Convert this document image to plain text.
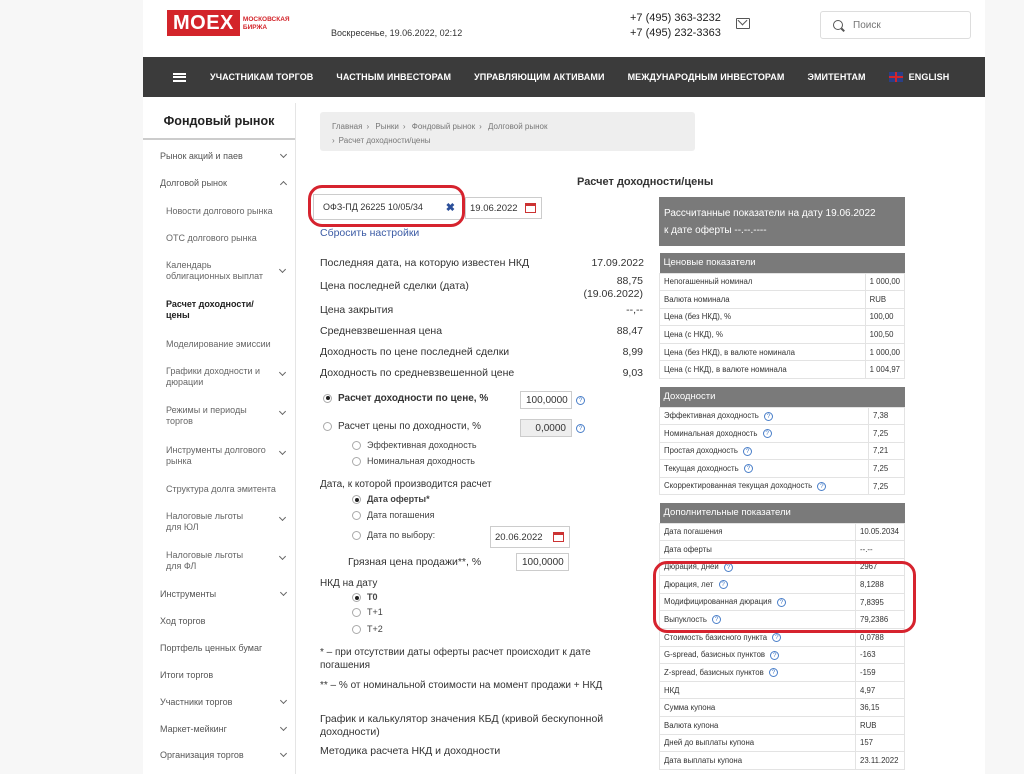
MOEX	МОСКОВСКАЯ БИРЖА
Воскресенье, 19.06.2022, 02:12
+7 (495) 363-3232
+7 (495) 232-3363
Поиск
УЧАСТНИКАМ ТОРГОВ	ЧАСТНЫМ ИНВЕСТОРАМ	УПРАВЛЯЮЩИМ АКТИВАМИ	МЕЖДУНАРОДНЫМ ИНВЕСТОРАМ	ЭМИТЕНТАМ	ENGLISH
Фондовый рынок
Рынок акций и паев
Долговой рынок
Новости долгового рынка
ОТС долгового рынка
Календарь облигационных выплат
Расчет доходности/ цены
Моделирование эмиссии
Графики доходности и дюрации
Режимы и периоды торгов
Инструменты долгового рынка
Структура долга эмитента
Налоговые льготы для ЮЛ
Налоговые льготы для ФЛ
Инструменты
Ход торгов
Портфель ценных бумаг
Итоги торгов
Участники торгов
Маркет-мейкинг
Организация торгов
Главная › Рынки › Фондовый рынок › Долговой рынок
› Расчет доходности/цены
Расчет доходности/цены
ОФЗ-ПД 26225 10/05/34 ✖	19.06.2022
Сбросить настройки
Последняя дата, на которую известен НКД	17.09.2022
Цена последней сделки (дата)	88,75
(19.06.2022)
Цена закрытия	--,--
Средневзвешенная цена	88,47
Доходность по цене последней сделки	8,99
Доходность по средневзвешенной цене	9,03
Расчет доходности по цене, %	100,0000	?
Расчет цены по доходности, %	0,0000	?
Эффективная доходность
Номинальная доходность
Дата, к которой производится расчет
Дата оферты*
Дата погашения
Дата по выбору:	20.06.2022
Грязная цена продажи**, %	100,0000
НКД на дату
T0
T+1
T+2
* – при отсутствии даты оферты расчет происходит к дате погашения
** – % от номинальной стоимости на момент продажи + НКД
График и калькулятор значения КБД (кривой бескупонной доходности)
Методика расчета НКД и доходности
Рассчитанные показатели на дату 19.06.2022
к дате оферты --.--.----
Ценовые показатели	
Непогашенный номинал	1 000,00
Валюта номинала	RUB
Цена (без НКД), %	100,00
Цена (с НКД), %	100,50
Цена (без НКД), в валюте номинала	1 000,00
Цена (с НКД), в валюте номинала	1 004,97
Доходности	
Эффективная доходность ?	7,38
Номинальная доходность ?	7,25
Простая доходность ?	7,21
Текущая доходность ?	7,25
Скорректированная текущая доходность ?	7,25
Дополнительные показатели	
Дата погашения	10.05.2034
Дата оферты	--.--
Дюрация, дней ?	2967
Дюрация, лет ?	8,1288
Модифицированная дюрация ?	7,8395
Выпуклость ?	79,2386
Стоимость базисного пункта ?	0,0788
G-spread, базисных пунктов ?	-163
Z-spread, базисных пунктов ?	-159
НКД	4,97
Сумма купона	36,15
Валюта купона	RUB
Дней до выплаты купона	157
Дата выплаты купона	23.11.2022
